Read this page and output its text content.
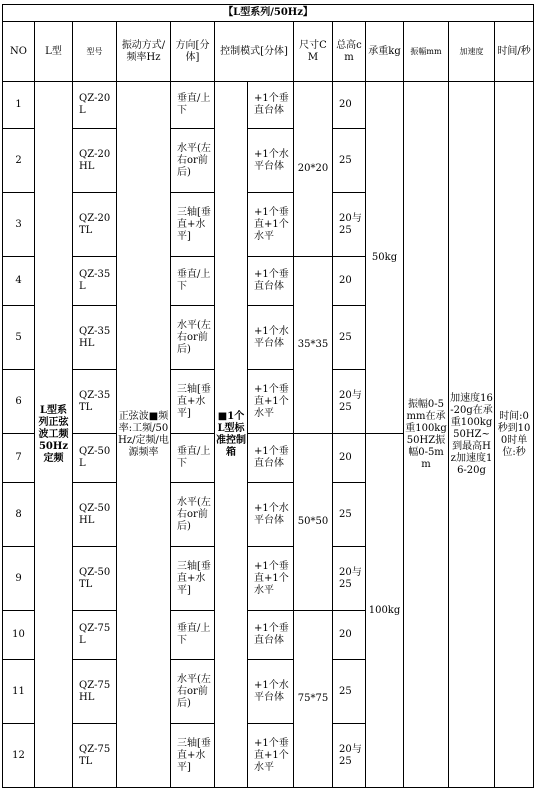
【L型系列/50Hz】												
NO	L型	型号	振动方式/频率Hz	方向[分体]	控制模式[分体]		尺寸CM	总高cm	承重kg	振幅mm	加速度	时间/秒
1	L型系列正弦波工频50Hz定频	QZ-20L	正弦波■频率:工频/50Hz/定频/电源频率	垂直/上下	■1个L型标准控制箱	+1个垂直台体	20*20	20	50kg	振幅0-5mm在承重100kg 50HZ振幅0-5mm	加速度16-20g在承重100kg 50HZ~到最高Hz加速度16-20g	时间:0秒到100时单位:秒
2		QZ-20HL		水平(左右or前后)		+1个水平台体		25				
3		QZ-20TL		三轴[垂直+水平]		+1个垂直+1个水平		20与25				
4		QZ-35L		垂直/上下		+1个垂直台体	35*35	20				
5		QZ-35HL		水平(左右or前后)		+1个水平台体		25				
6		QZ-35TL		三轴[垂直+水平]		+1个垂直+1个水平		20与25				
7		QZ-50L		垂直/上下		+1个垂直台体	50*50	20	100kg			
8		QZ-50HL		水平(左右or前后)		+1个水平台体		25				
9		QZ-50TL		三轴[垂直+水平]		+1个垂直+1个水平		20与25				
10		QZ-75L		垂直/上下		+1个垂直台体	75*75	20				
11		QZ-75HL		水平(左右or前后)		+1个水平台体		25				
12		QZ-75TL		三轴[垂直+水平]		+1个垂直+1个水平		20与25				
